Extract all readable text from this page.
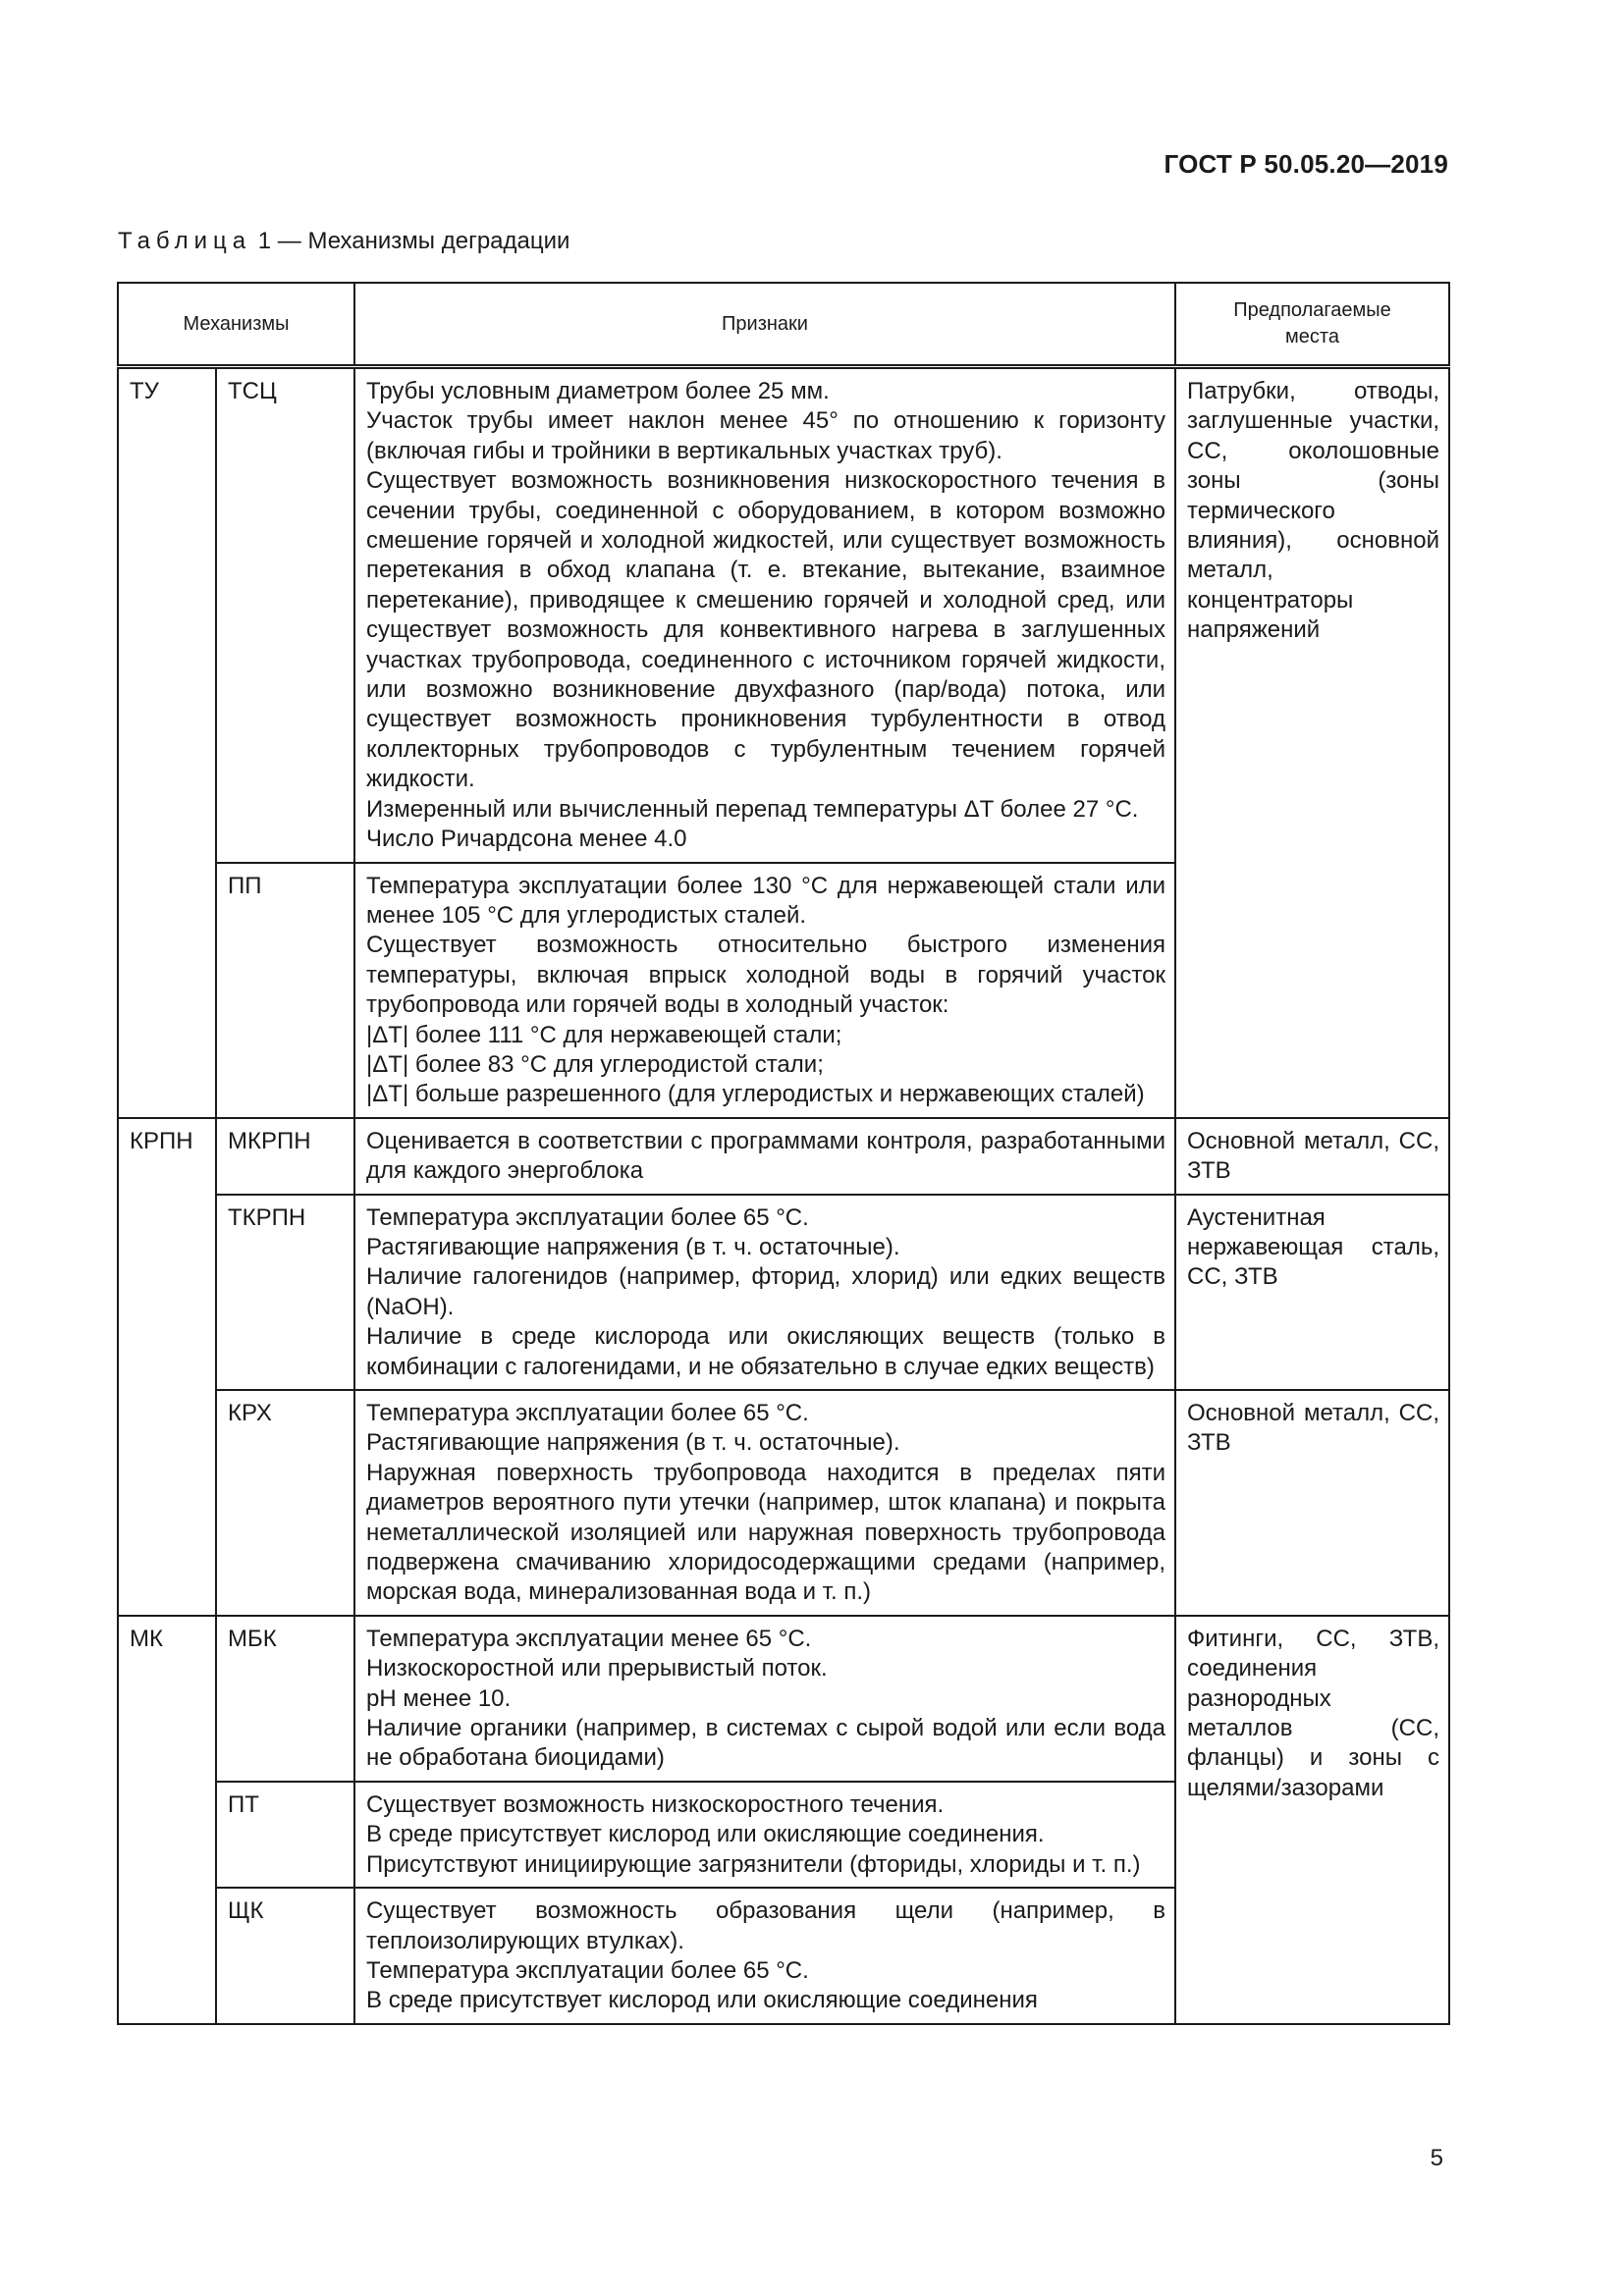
ГОСТ Р 50.05.20—2019
Таблица 1 — Механизмы деградации
Механизмы		Признаки	Предполагаемые
места
ТУ	ТСЦ	Трубы условным диаметром более 25 мм.
Участок трубы имеет наклон менее 45° по отношению к горизонту (включая гибы и тройники в вертикальных участках труб).
Существует возможность возникновения низкоскоростного течения в сечении трубы, соединенной с оборудованием, в котором возможно смешение горячей и холодной жидкостей, или существует возможность перетекания в обход клапана (т. е. втекание, вытекание, взаимное перетекание), приводящее к смешению горячей и холодной сред, или существует возможность для конвективного нагрева в заглушенных участках трубопровода, соединенного с источником горячей жидкости, или возможно возникновение двухфазного (пар/вода) потока, или существует возможность проникновения турбулентности в отвод коллекторных трубопроводов с турбулентным течением горячей жидкости.
Измеренный или вычисленный перепад температуры ΔT более 27 °С.
Число Ричардсона менее 4.0	Патрубки, отводы, заглушенные участки, СС, околошовные зоны (зоны термического влияния), основной металл, концентраторы напряжений
	ПП	Температура эксплуатации более 130 °С для нержавеющей стали или менее 105 °С для углеродистых сталей.
Существует возможность относительно быстрого изменения температуры, включая впрыск холодной воды в горячий участок трубопровода или горячей воды в холодный участок:
|ΔT| более 111 °С для нержавеющей стали;
|ΔT| более 83 °С для углеродистой стали;
|ΔT| больше разрешенного (для углеродистых и нержавеющих сталей)	
КРПН	МКРПН	Оценивается в соответствии с программами контроля, разработанными для каждого энергоблока	Основной металл, СС, ЗТВ
	ТКРПН	Температура эксплуатации более 65 °С.
Растягивающие напряжения (в т. ч. остаточные).
Наличие галогенидов (например, фторид, хлорид) или едких веществ (NaOH).
Наличие в среде кислорода или окисляющих веществ (только в комбинации с галогенидами, и не обязательно в случае едких веществ)	Аустенитная нержавеющая сталь, СС, ЗТВ
	КРХ	Температура эксплуатации более 65 °С.
Растягивающие напряжения (в т. ч. остаточные).
Наружная поверхность трубопровода находится в пределах пяти диаметров вероятного пути утечки (например, шток клапана) и покрыта неметаллической изоляцией или наружная поверхность трубопровода подвержена смачиванию хлоридосодержащими средами (например, морская вода, минерализованная вода и т. п.)	Основной металл, СС, ЗТВ
МК	МБК	Температура эксплуатации менее 65 °С.
Низкоскоростной или прерывистый поток.
pH менее 10.
Наличие органики (например, в системах с сырой водой или если вода не обработана биоцидами)	Фитинги, СС, ЗТВ, соединения разнородных металлов (СС, фланцы) и зоны с щелями/зазорами
	ПТ	Существует возможность низкоскоростного течения.
В среде присутствует кислород или окисляющие соединения.
Присутствуют инициирующие загрязнители (фториды, хлориды и т. п.)	
	ЩК	Существует возможность образования щели (например, в теплоизолирующих втулках).
Температура эксплуатации более 65 °С.
В среде присутствует кислород или окисляющие соединения	
5
